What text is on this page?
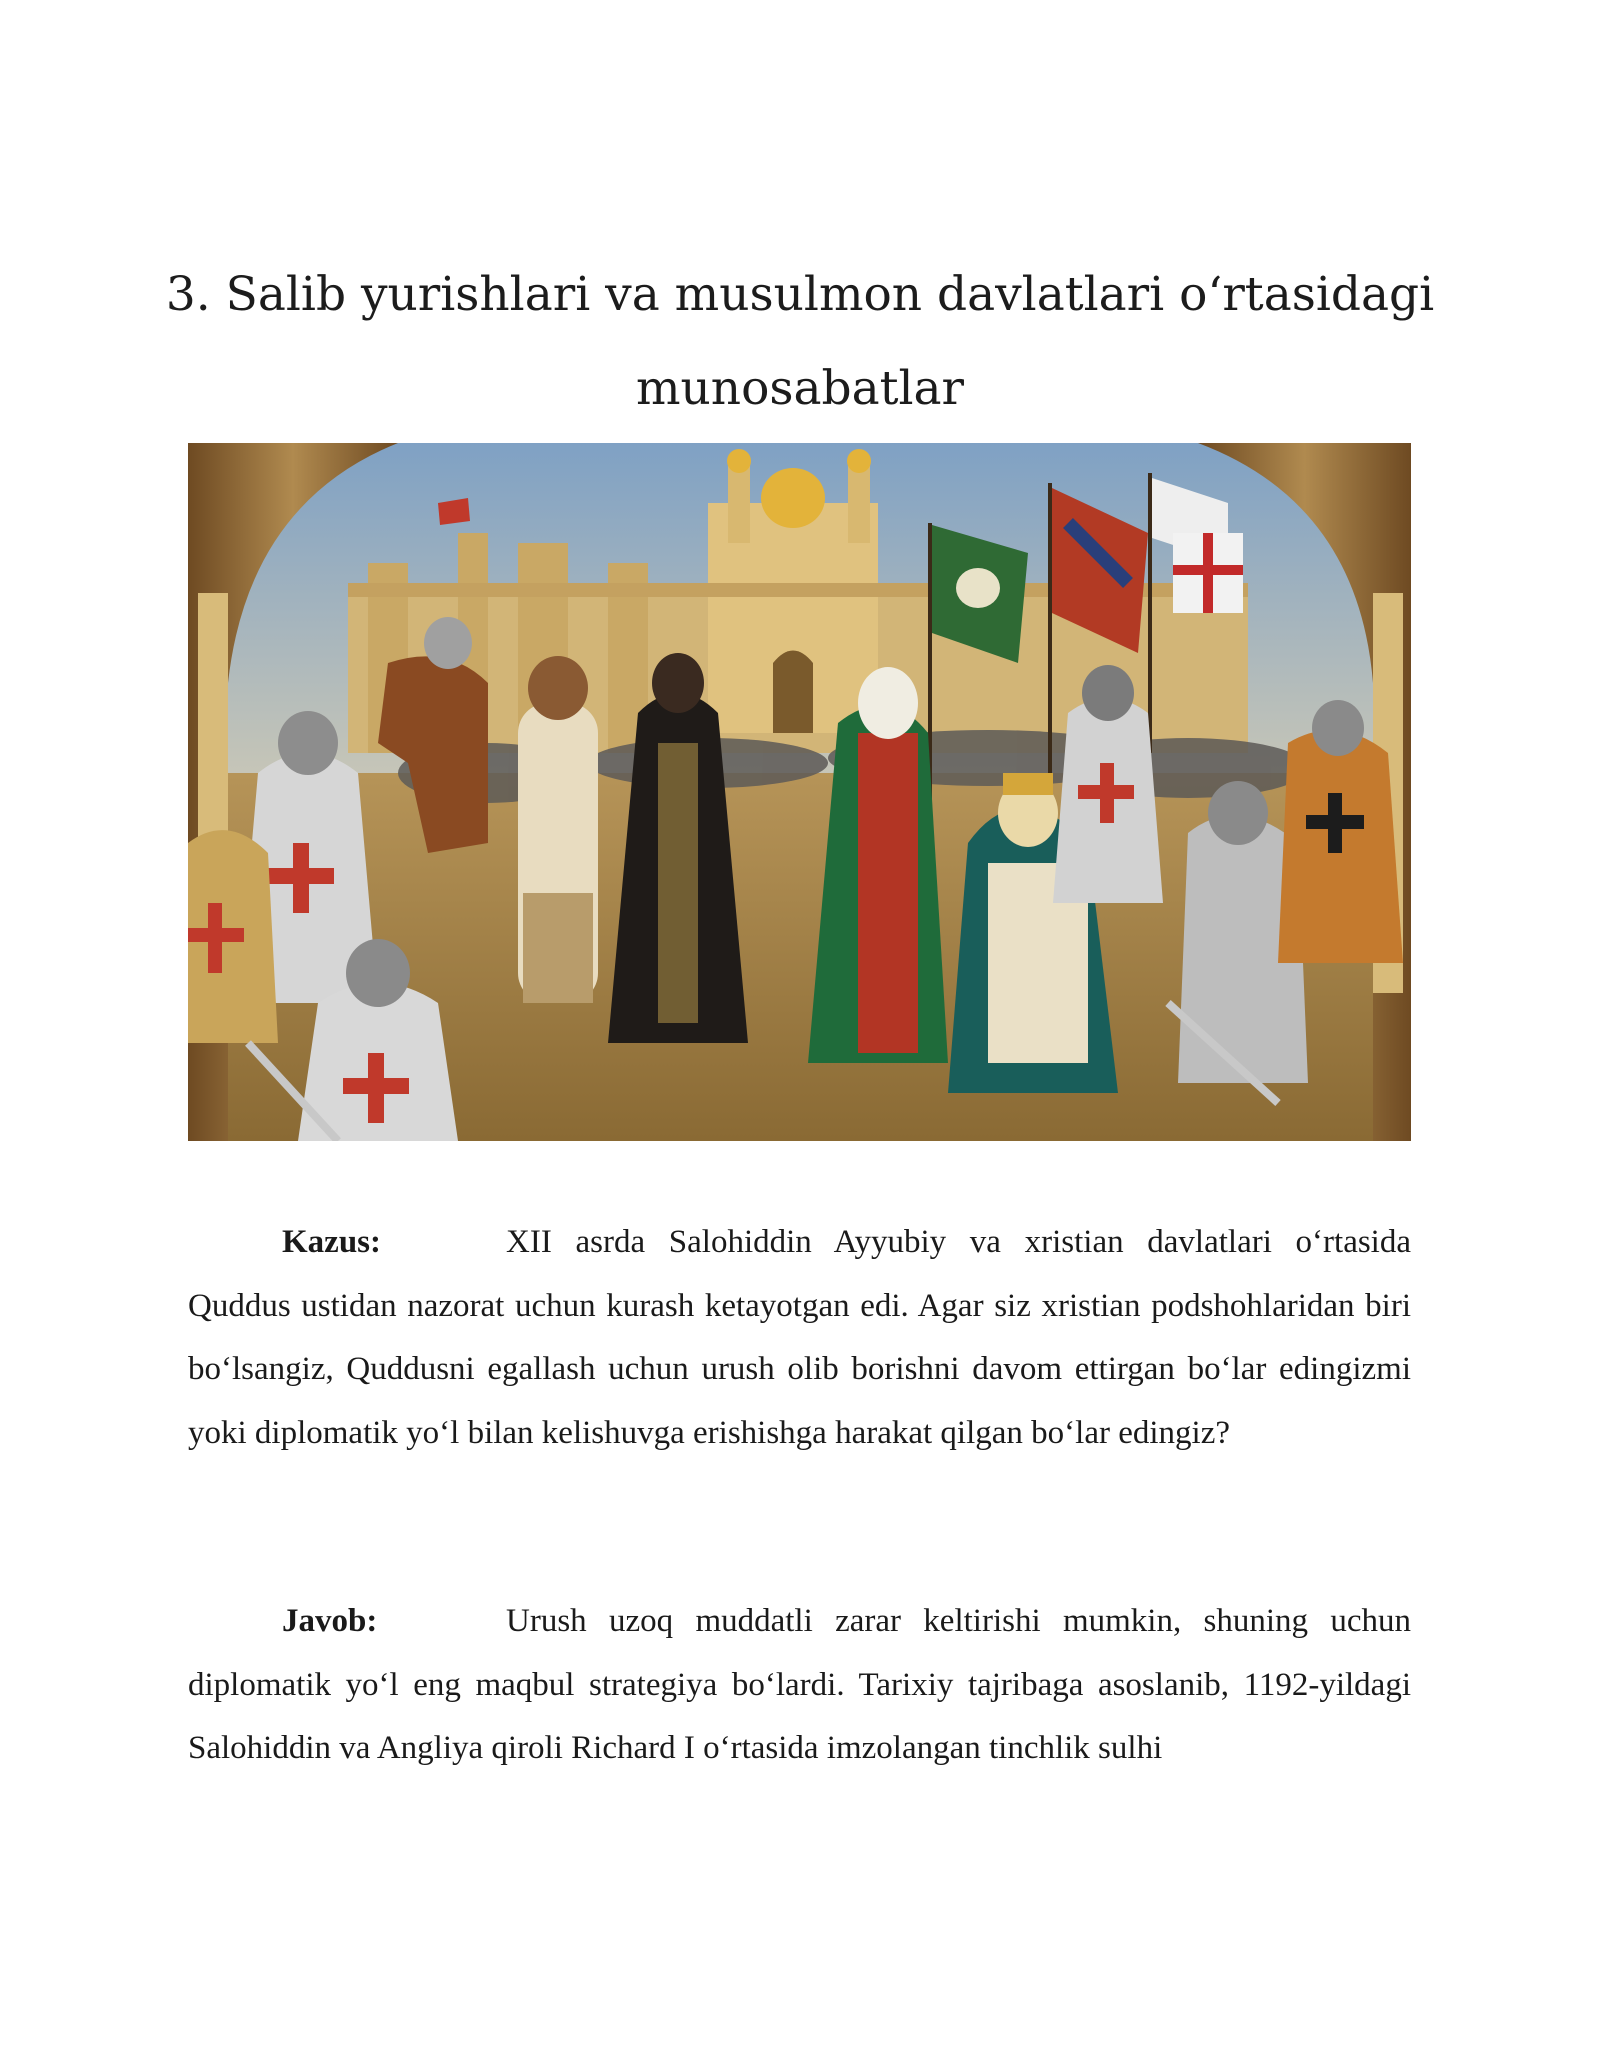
3. Salib yurishlari va musulmon davlatlari o‘rtasidagi munosabatlar

Kazus:	XII asrda Salohiddin Ayyubiy va xristian davlatlari o‘rtasida Quddus ustidan nazorat uchun kurash ketayotgan edi. Agar siz xristian podshohlaridan biri bo‘lsangiz, Quddusni egallash uchun urush olib borishni davom ettirgan bo‘lar edingizmi yoki diplomatik yo‘l bilan kelishuvga erishishga harakat qilgan bo‘lar edingiz?

Javob:	Urush uzoq muddatli zarar keltirishi mumkin, shuning uchun diplomatik yo‘l eng maqbul strategiya bo‘lardi. Tarixiy tajribaga asoslanib, 1192-yildagi Salohiddin va Angliya qiroli Richard I o‘rtasida imzolangan tinchlik sulhi
